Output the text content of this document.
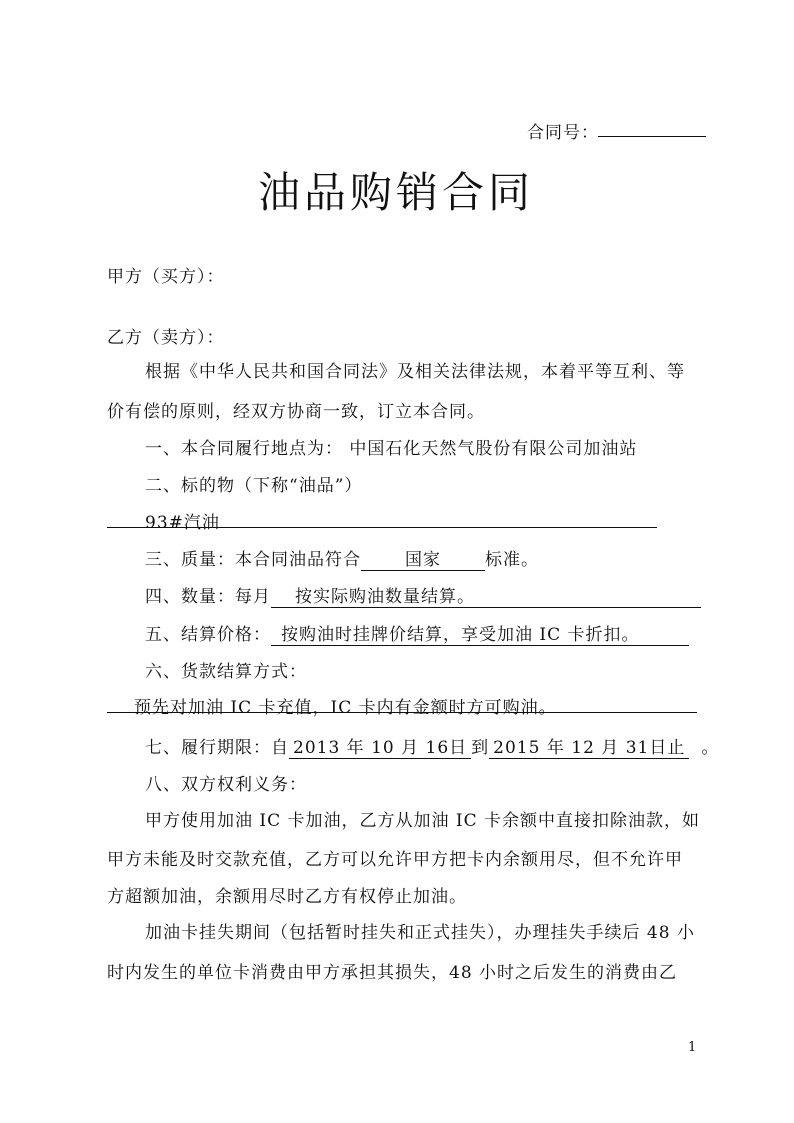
合同号：
油品购销合同
甲方（买方）：
乙方（卖方）：
根据《中华人民共和国合同法》及相关法律法规，本着平等互利、等
价有偿的原则，经双方协商一致，订立本合同。
一、本合同履行地点为： 中国石化天然气股份有限公司加油站
二、标的物（下称“油品”）
93#汽油
三、质量：本合同油品符合	国家	标准。
四、数量：每月 按实际购油数量结算。
五、结算价格： 按购油时挂牌价结算，享受加油 IC 卡折扣。
六、货款结算方式：
预先对加油 IC 卡充值，IC 卡内有金额时方可购油。
七、履行期限：自 2013 年 10 月 16日 到 2015 年 12 月 31日止 。
八、双方权利义务：
甲方使用加油 IC 卡加油，乙方从加油 IC 卡余额中直接扣除油款，如
甲方未能及时交款充值，乙方可以允许甲方把卡内余额用尽，但不允许甲
方超额加油，余额用尽时乙方有权停止加油。
加油卡挂失期间（包括暂时挂失和正式挂失），办理挂失手续后 48 小
时内发生的单位卡消费由甲方承担其损失，48 小时之后发生的消费由乙
1
